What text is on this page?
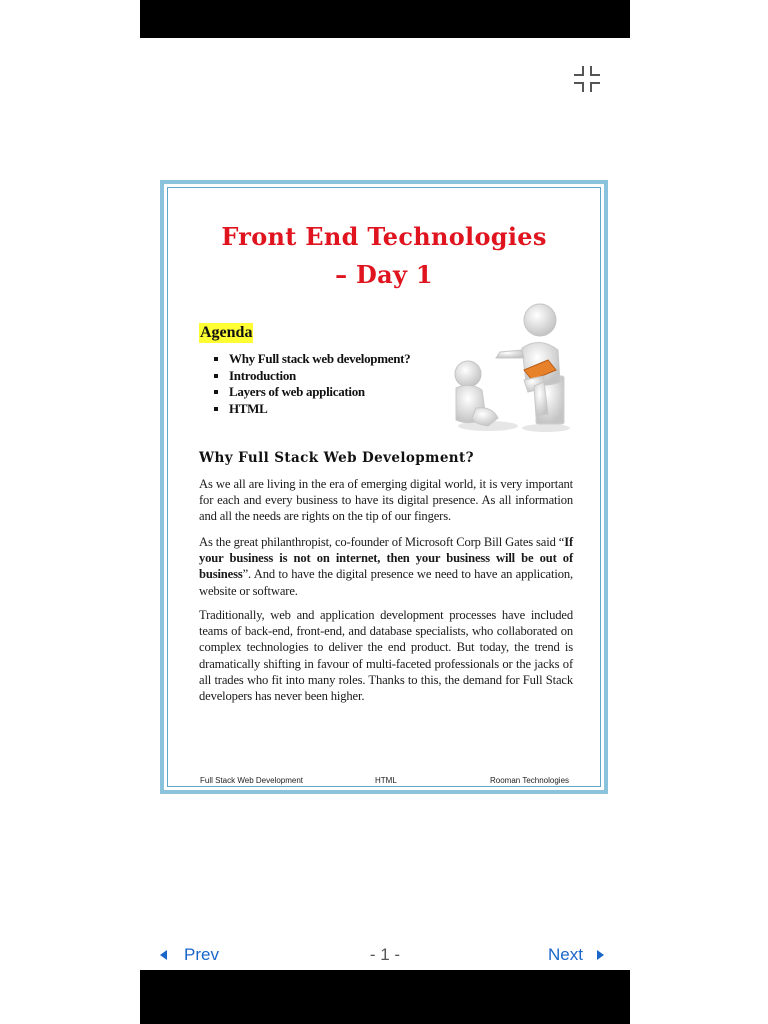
Front End Technologies
– Day 1
Agenda
Why Full stack web development?
Introduction
Layers of web application
HTML
Why Full Stack Web Development?

As we all are living in the era of emerging digital world, it is very important for each and every business to have its digital presence. As all information and all the needs are rights on the tip of our fingers.

As the great philanthropist, co-founder of Microsoft Corp Bill Gates said “If your business is not on internet, then your business will be out of business”. And to have the digital presence we need to have an application, website or software.

Traditionally, web and application development processes have included teams of back-end, front-end, and database specialists, who collaborated on complex technologies to deliver the end product. But today, the trend is dramatically shifting in favour of multi-faceted professionals or the jacks of all trades who fit into many roles. Thanks to this, the demand for Full Stack developers has never been higher.

Full Stack Web Development	HTML	Rooman Technologies
Prev	- 1 -	Next
